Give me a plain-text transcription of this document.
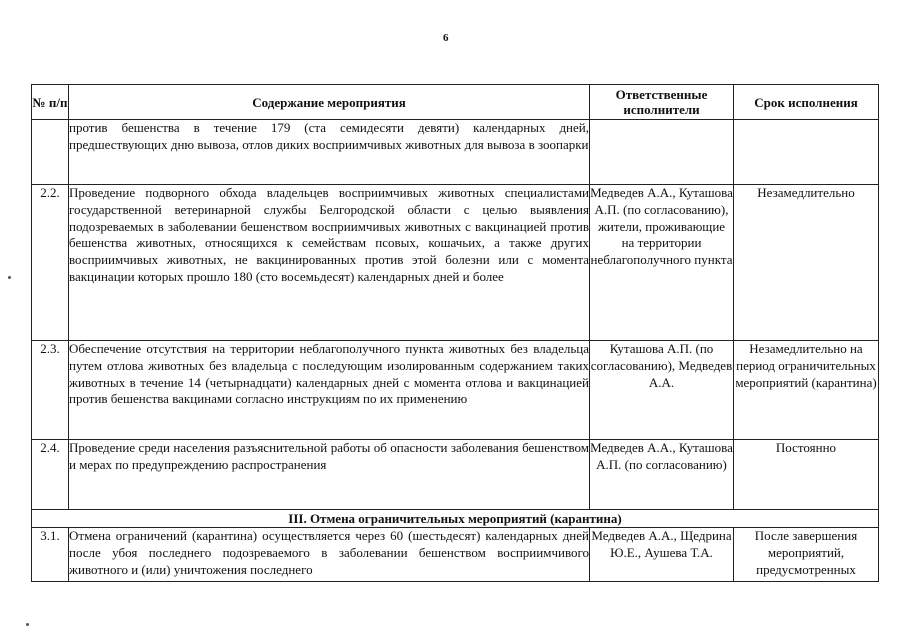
6
№ п/п	Содержание мероприятия	Ответственные исполнители	Срок исполнения
	против бешенства в течение 179 (ста семидесяти девяти) календарных дней, предшествующих дню вывоза, отлов диких восприимчивых животных для вывоза в зоопарки		
2.2.	Проведение подворного обхода владельцев восприимчивых животных специалистами государственной ветеринарной службы Белгородской области с целью выявления подозреваемых в заболевании бешенством восприимчивых животных с вакцинацией против бешенства животных, относящихся к семействам псовых, кошачьих, а также других восприимчивых животных, не вакцинированных против этой болезни или с момента вакцинации которых прошло 180 (сто восемьдесят) календарных дней и более	Медведев А.А., Куташова А.П. (по согласованию), жители, проживающие на территории неблагополучного пункта	Незамедлительно
2.3.	Обеспечение отсутствия на территории неблагополучного пункта животных без владельца путем отлова животных без владельца с последующим изолированным содержанием таких животных в течение 14 (четырнадцати) календарных дней с момента отлова и вакцинацией против бешенства вакцинами согласно инструкциям по их применению	Куташова А.П. (по согласованию), Медведев А.А.	Незамедлительно на период ограничительных мероприятий (карантина)
2.4.	Проведение среди населения разъяснительной работы об опасности заболевания бешенством и мерах по предупреждению распространения	Медведев А.А., Куташова А.П. (по согласованию)	Постоянно
III. Отмена ограничительных мероприятий (карантина)			
3.1.	Отмена ограничений (карантина) осуществляется через 60 (шестьдесят) календарных дней после убоя последнего подозреваемого в заболевании бешенством восприимчивого животного и (или) уничтожения последнего	Медведев А.А., Щедрина Ю.Е., Аушева Т.А.	После завершения мероприятий, предусмотренных
